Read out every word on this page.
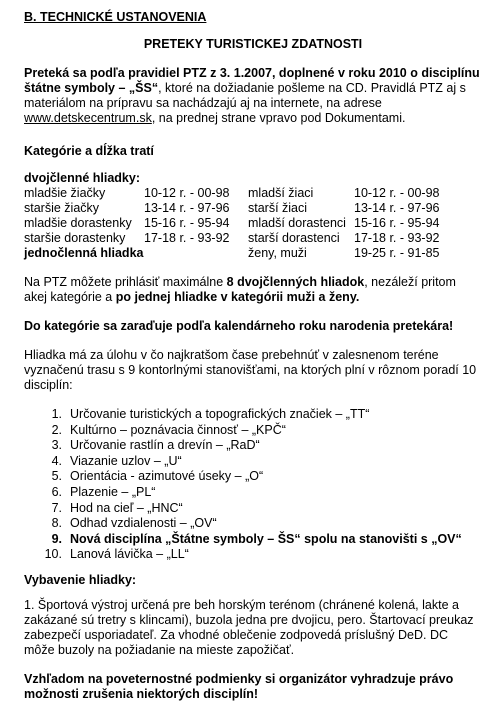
B. TECHNICKÉ USTANOVENIA
PRETEKY TURISTICKEJ ZDATNOSTI

Preteká sa podľa pravidiel PTZ z 3. 1.2007, doplnené v roku 2010 o disciplínu štátne symboly – „ŠS“, ktoré na dožiadanie pošleme na CD. Pravidlá PTZ aj s materiálom na prípravu sa nachádzajú aj na internete, na adrese www.detskecentrum.sk, na prednej strane vpravo pod Dokumentami.

Kategórie a dĺžka tratí
dvojčlenné hliadky:
mladšie žiačky	10-12 r. - 00-98	mladší žiaci	10-12 r. - 00-98
staršie žiačky	13-14 r. - 97-96	starší žiaci	13-14 r. - 97-96
mladšie dorastenky	15-16 r. - 95-94	mladší dorastenci	15-16 r. - 95-94
staršie dorastenky	17-18 r. - 93-92	starší dorastenci	17-18 r. - 93-92
jednočlenná hliadka		ženy, muži	19-25 r. - 91-85

Na PTZ môžete prihlásiť maximálne 8 dvojčlenných hliadok, nezáleží pritom akej kategórie a po jednej hliadke v kategórii muži a ženy.

Do kategórie sa zaraďuje podľa kalendárneho roku narodenia pretekára!

Hliadka má za úlohu v čo najkratšom čase prebehnúť v zalesnenom teréne vyznačenú trasu s 9 kontorlnými stanovišťami, na ktorých plní v rôznom poradí 10 disciplín:

1. Určovanie turistických a topografických značiek – „TT“
2. Kultúrno – poznávacia činnosť – „KPČ“
3. Určovanie rastlín a drevín – „RaD“
4. Viazanie uzlov – „U“
5. Orientácia - azimutové úseky – „O“
6. Plazenie – „PL“
7. Hod na cieľ – „HNC“
8. Odhad vzdialenosti – „OV“
9. Nová disciplína „Štátne symboly – ŠS“ spolu na stanovišti s „OV“
10. Lanová lávička – „LL“
Vybavenie hliadky:

1. Športová výstroj určená pre beh horským terénom (chránené kolená, lakte a zakázané sú tretry s klincami), buzola jedna pre dvojicu, pero. Štartovací preukaz zabezpečí usporiadateľ. Za vhodné oblečenie zodpovedá príslušný DeD. DC môže buzoly na požiadanie na mieste zapožičať.

Vzhľadom na poveternostné podmienky si organizátor vyhradzuje právo možnosti zrušenia niektorých disciplín!
